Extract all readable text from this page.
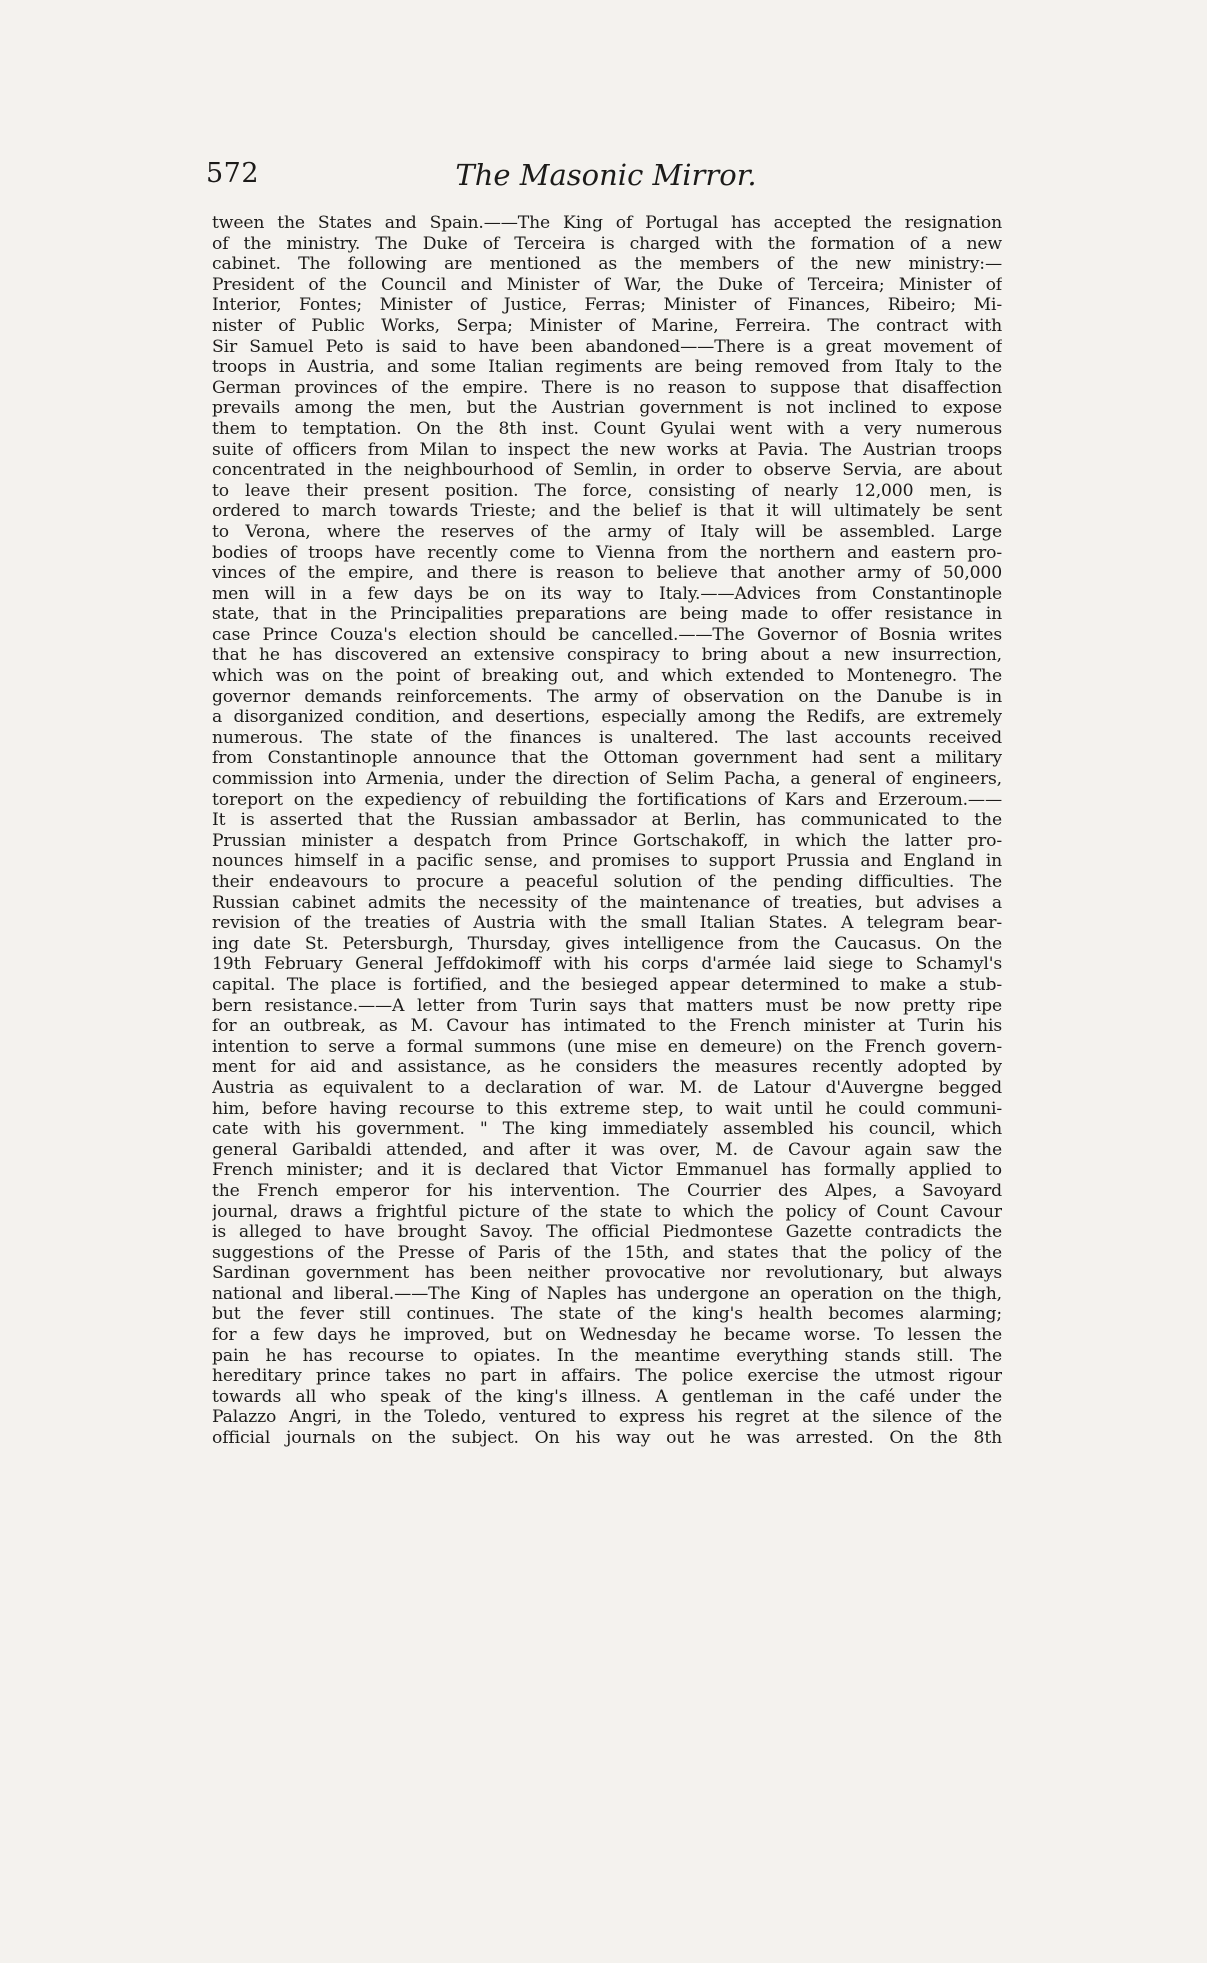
572	The Masonic Mirror.
tween the States and Spain.——The King of Portugal has accepted the resignation
of the ministry. The Duke of Terceira is charged with the formation of a new
cabinet. The following are mentioned as the members of the new ministry:—
President of the Council and Minister of War, the Duke of Terceira; Minister of
Interior, Fontes; Minister of Justice, Ferras; Minister of Finances, Ribeiro; Mi-
nister of Public Works, Serpa; Minister of Marine, Ferreira. The contract with
Sir Samuel Peto is said to have been abandoned——There is a great movement of
troops in Austria, and some Italian regiments are being removed from Italy to the
German provinces of the empire. There is no reason to suppose that disaffection
prevails among the men, but the Austrian government is not inclined to expose
them to temptation. On the 8th inst. Count Gyulai went with a very numerous
suite of officers from Milan to inspect the new works at Pavia. The Austrian troops
concentrated in the neighbourhood of Semlin, in order to observe Servia, are about
to leave their present position. The force, consisting of nearly 12,000 men, is
ordered to march towards Trieste; and the belief is that it will ultimately be sent
to Verona, where the reserves of the army of Italy will be assembled. Large
bodies of troops have recently come to Vienna from the northern and eastern pro-
vinces of the empire, and there is reason to believe that another army of 50,000
men will in a few days be on its way to Italy.——Advices from Constantinople
state, that in the Principalities preparations are being made to offer resistance in
case Prince Couza's election should be cancelled.——The Governor of Bosnia writes
that he has discovered an extensive conspiracy to bring about a new insurrection,
which was on the point of breaking out, and which extended to Montenegro. The
governor demands reinforcements. The army of observation on the Danube is in
a disorganized condition, and desertions, especially among the Redifs, are extremely
numerous. The state of the finances is unaltered. The last accounts received
from Constantinople announce that the Ottoman government had sent a military
commission into Armenia, under the direction of Selim Pacha, a general of engineers,
toreport on the expediency of rebuilding the fortifications of Kars and Erzeroum.——
It is asserted that the Russian ambassador at Berlin, has communicated to the
Prussian minister a despatch from Prince Gortschakoff, in which the latter pro-
nounces himself in a pacific sense, and promises to support Prussia and England in
their endeavours to procure a peaceful solution of the pending difficulties. The
Russian cabinet admits the necessity of the maintenance of treaties, but advises a
revision of the treaties of Austria with the small Italian States. A telegram bear-
ing date St. Petersburgh, Thursday, gives intelligence from the Caucasus. On the
19th February General Jeffdokimoff with his corps d'armée laid siege to Schamyl's
capital. The place is fortified, and the besieged appear determined to make a stub-
bern resistance.——A letter from Turin says that matters must be now pretty ripe
for an outbreak, as M. Cavour has intimated to the French minister at Turin his
intention to serve a formal summons (une mise en demeure) on the French govern-
ment for aid and assistance, as he considers the measures recently adopted by
Austria as equivalent to a declaration of war. M. de Latour d'Auvergne begged
him, before having recourse to this extreme step, to wait until he could communi-
cate with his government. " The king immediately assembled his council, which
general Garibaldi attended, and after it was over, M. de Cavour again saw the
French minister; and it is declared that Victor Emmanuel has formally applied to
the French emperor for his intervention. The Courrier des Alpes, a Savoyard
journal, draws a frightful picture of the state to which the policy of Count Cavour
is alleged to have brought Savoy. The official Piedmontese Gazette contradicts the
suggestions of the Presse of Paris of the 15th, and states that the policy of the
Sardinan government has been neither provocative nor revolutionary, but always
national and liberal.——The King of Naples has undergone an operation on the thigh,
but the fever still continues. The state of the king's health becomes alarming;
for a few days he improved, but on Wednesday he became worse. To lessen the
pain he has recourse to opiates. In the meantime everything stands still. The
hereditary prince takes no part in affairs. The police exercise the utmost rigour
towards all who speak of the king's illness. A gentleman in the café under the
Palazzo Angri, in the Toledo, ventured to express his regret at the silence of the
official journals on the subject. On his way out he was arrested. On the 8th
